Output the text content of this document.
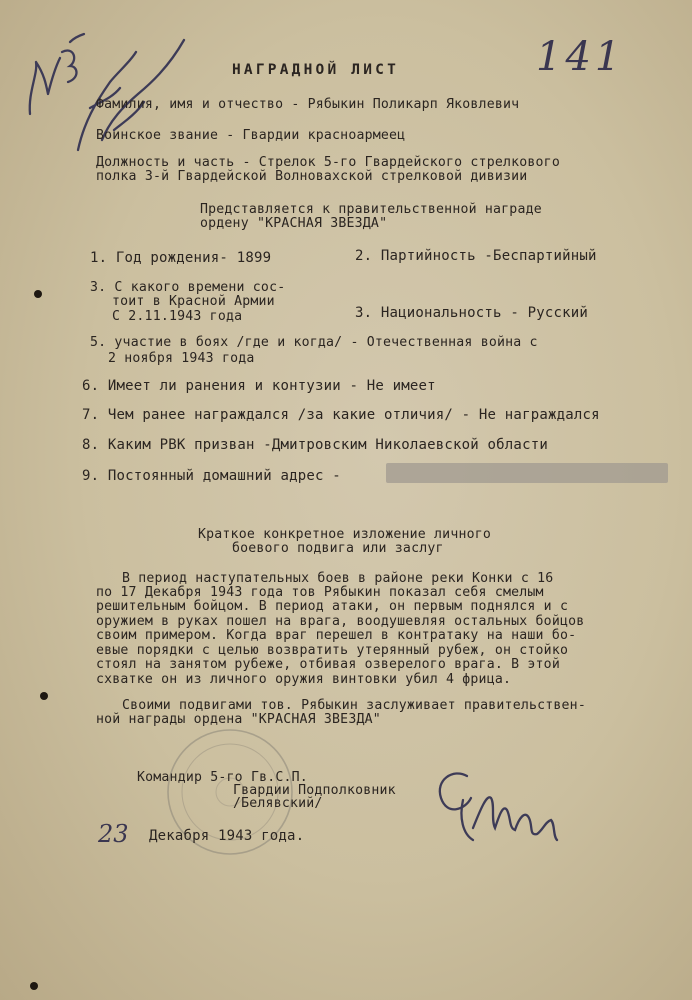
141
НАГРАДНОЙ ЛИСТ
Фамилия, имя и отчество - Рябыкин Поликарп Яковлевич
Воинское звание - Гвардии красноармеец
Должность и часть - Стрелок 5-го Гвардейского стрелкового
полка 3-й Гвардейской Волновахской стрелковой дивизии
Представляется к правительственной награде
ордену "КРАСНАЯ ЗВЕЗДА"
1. Год рождения- 1899	2. Партийность -Беспартийный
3. С какого времени сос-
тоит в Красной Армии
С 2.11.1943 года	3. Национальность - Русский
5. участие в боях /где и когда/ - Отечественная война с
2 ноября 1943 года
6. Имеет ли ранения и контузии - Не имеет
7. Чем ранее награждался /за какие отличия/ - Не награждался
8. Каким РВК призван -Дмитровским Николаевской области
9. Постоянный домашний адрес -
Краткое конкретное изложение личного
боевого подвига или заслуг
В период наступательных боев в районе реки Конки с 16
по 17 Декабря 1943 года тов Рябыкин показал себя смелым
решительным бойцом. В период атаки, он первым поднялся и с
оружием в руках пошел на врага, воодушевляя остальных бойцов
своим примером. Когда враг перешел в контратаку на наши бо-
евые порядки с целью возвратить утерянный рубеж, он стойко
стоял на занятом рубеже, отбивая озверелого врага. В этой
схватке он из личного оружия винтовки убил 4 фрица.
Своими подвигами тов. Рябыкин заслуживает правительствен-
ной награды ордена "КРАСНАЯ ЗВЕЗДА"
Командир 5-го Гв.С.П.
Гвардии Подполковник
/Белявский/
23 Декабря 1943 года.
